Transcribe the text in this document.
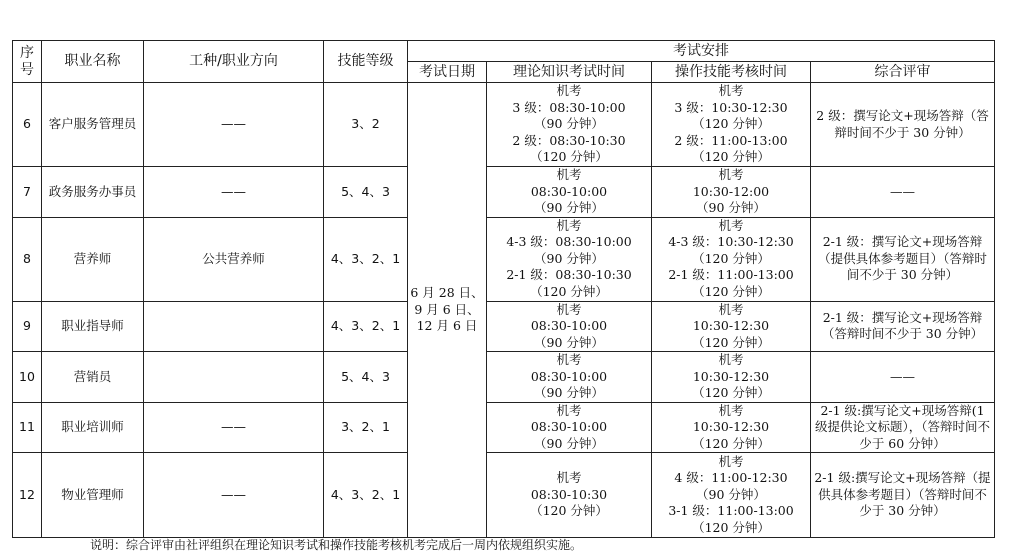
序号	职业名称	工种/职业方向	技能等级	考试安排			
				考试日期	理论知识考试时间	操作技能考核时间	综合评审
6	客户服务管理员	——	3、2	6 月 28 日、
9 月 6 日、
12 月 6 日	机考
3 级：08:30-10:00
（90 分钟）
2 级：08:30-10:30
（120 分钟）	机考
3 级：10:30-12:30
（120 分钟）
2 级：11:00-13:00
（120 分钟）	2 级：撰写论文+现场答辩（答辩时间不少于 30 分钟）

7	政务服务办事员	——	5、4、3		机考
08:30-10:00
（90 分钟）	机考
10:30-12:00
（90 分钟）	——
8	营养师	公共营养师	4、3、2、1		机考
4-3 级：08:30-10:00
（90 分钟）
2-1 级：08:30-10:30
（120 分钟）	机考
4-3 级：10:30-12:30
（120 分钟）
2-1 级：11:00-13:00
（120 分钟）	2-1 级：撰写论文+现场答辩（提供具体参考题目）（答辩时间不少于 30 分钟）

9	职业指导师		4、3、2、1		机考
08:30-10:00
（90 分钟）	机考
10:30-12:30
（120 分钟）	2-1 级：撰写论文+现场答辩（答辩时间不少于 30 分钟）

10	营销员		5、4、3		机考
08:30-10:00
（90 分钟）	机考
10:30-12:30
（120 分钟）	——
11	职业培训师	——	3、2、1		机考
08:30-10:00
（90 分钟）	机考
10:30-12:30
（120 分钟）	2-1 级:撰写论文+现场答辩(1 级提供论文标题），（答辩时间不少于 60 分钟）

12	物业管理师	——	4、3、2、1		机考
08:30-10:30
（120 分钟）	机考
4 级：11:00-12:30
（90 分钟）
3-1 级：11:00-13:00
（120 分钟）	2-1 级:撰写论文+现场答辩（提供具体参考题目）（答辩时间不少于 30 分钟）
说明：综合评审由社评组织在理论知识考试和操作技能考核机考完成后一周内依规组织实施。
